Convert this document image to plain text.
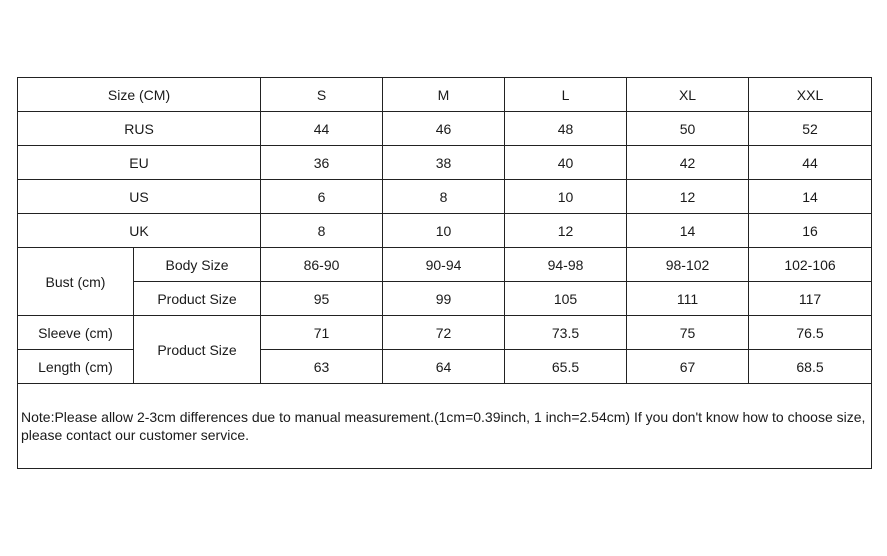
Size (CM)		S	M	L	XL	XXL
RUS		44	46	48	50	52
EU		36	38	40	42	44
US		6	8	10	12	14
UK		8	10	12	14	16
Bust (cm)	Body Size	86-90	90-94	94-98	98-102	102-106
	Product Size	95	99	105	111	117
Sleeve (cm)	Product Size	71	72	73.5	75	76.5
Length (cm)		63	64	65.5	67	68.5
Note:Please allow 2-3cm differences due to manual measurement.(1cm=0.39inch, 1 inch=2.54cm) If you don't know how to choose size, please contact our customer service.						
